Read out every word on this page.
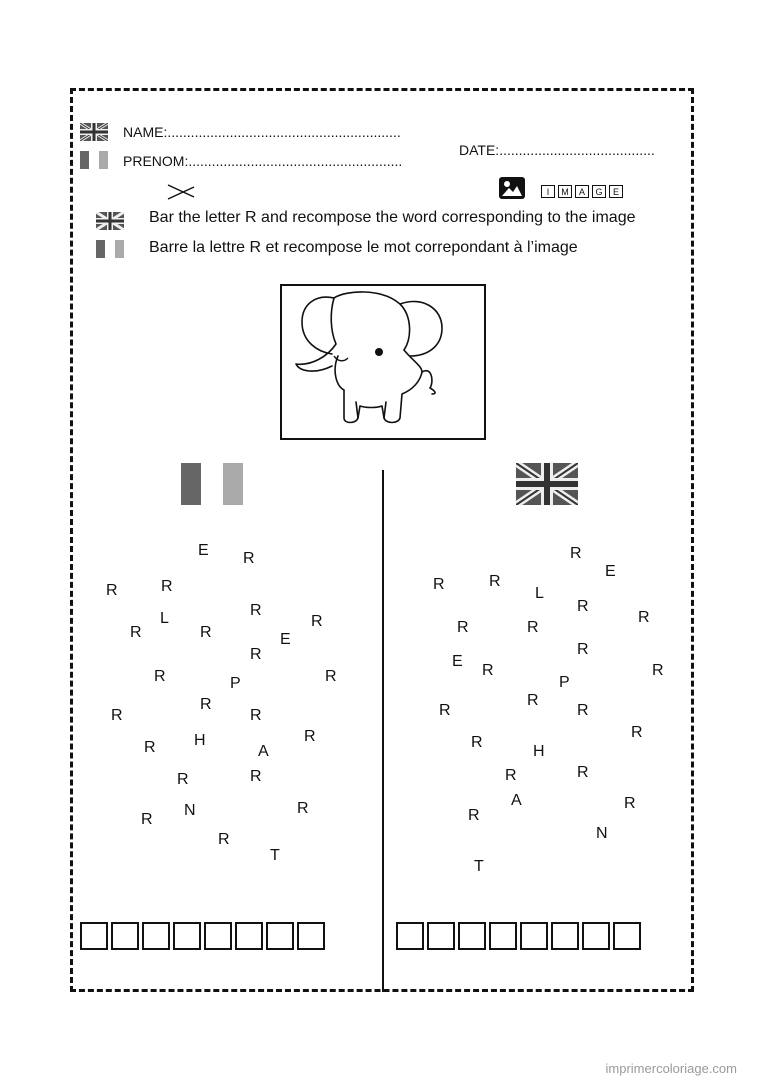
NAME:............................................................
PRENOM:.......................................................
DATE:........................................
I	M	A	G	E
Bar the letter R and recompose the word corresponding to the image
Barre la lettre R et recompose le mot correpondant à l’image
E R
R	R
L
R
R
R
R	E
R
R	P	R
R
R
R
R H
A
R
R	R
R
N	R
R
T
R
E
R	R
L
R
R
R	R
R
E
R	R
P
R
R	R
R
H
R
R
A
R
R
R
N
T
imprimercoloriage.com
